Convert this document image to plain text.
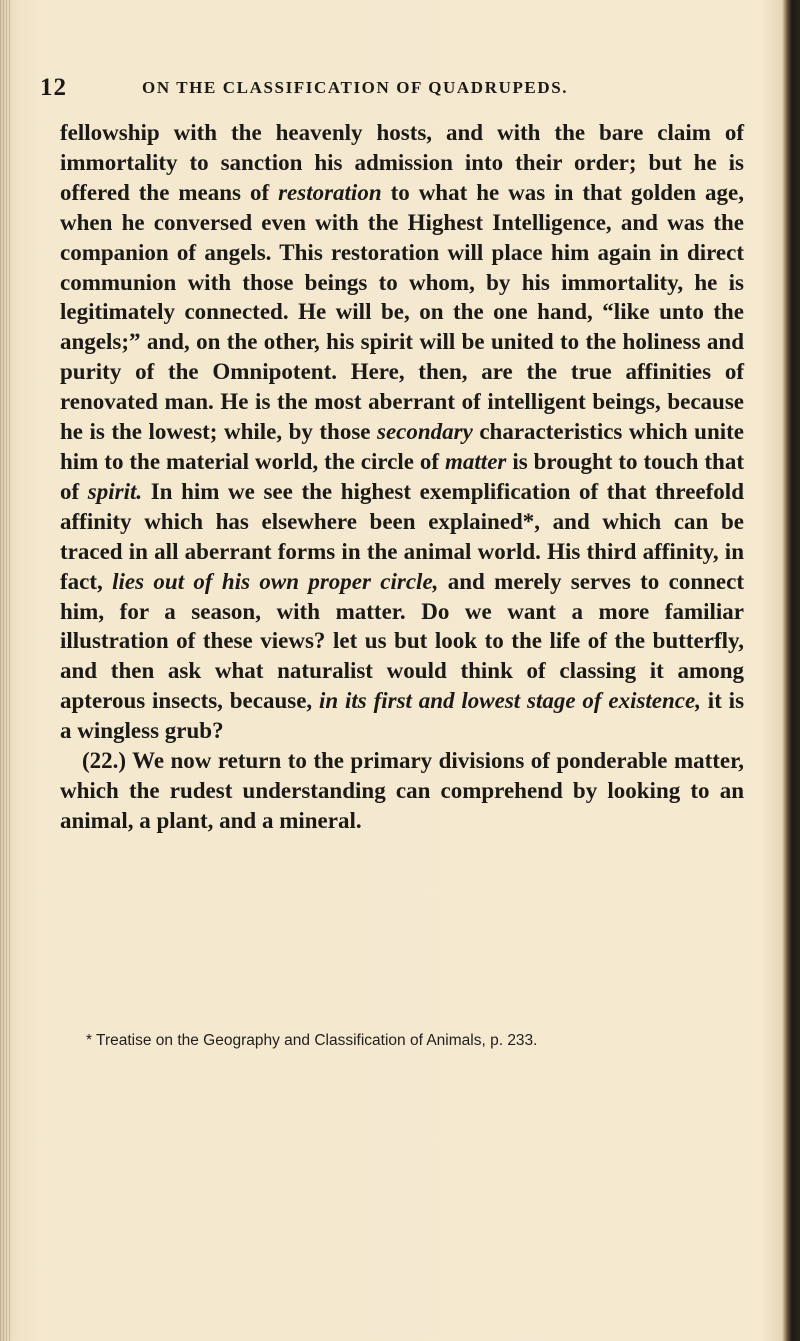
12	ON THE CLASSIFICATION OF QUADRUPEDS.

fellowship with the heavenly hosts, and with the bare claim of immortality to sanction his admission into their order; but he is offered the means of restoration to what he was in that golden age, when he conversed even with the Highest Intelligence, and was the companion of angels. This restoration will place him again in direct communion with those beings to whom, by his immortality, he is legitimately connected. He will be, on the one hand, “like unto the angels;” and, on the other, his spirit will be united to the holiness and purity of the Omnipotent. Here, then, are the true affinities of renovated man. He is the most aberrant of intelligent beings, because he is the lowest; while, by those secondary characteristics which unite him to the material world, the circle of matter is brought to touch that of spirit. In him we see the highest exemplification of that threefold affinity which has elsewhere been explained*, and which can be traced in all aberrant forms in the animal world. His third affinity, in fact, lies out of his own proper circle, and merely serves to connect him, for a season, with matter. Do we want a more familiar illustration of these views? let us but look to the life of the butterfly, and then ask what naturalist would think of classing it among apterous insects, because, in its first and lowest stage of existence, it is a wingless grub?

(22.) We now return to the primary divisions of ponderable matter, which the rudest understanding can comprehend by looking to an animal, a plant, and a mineral.

* Treatise on the Geography and Classification of Animals, p. 233.
